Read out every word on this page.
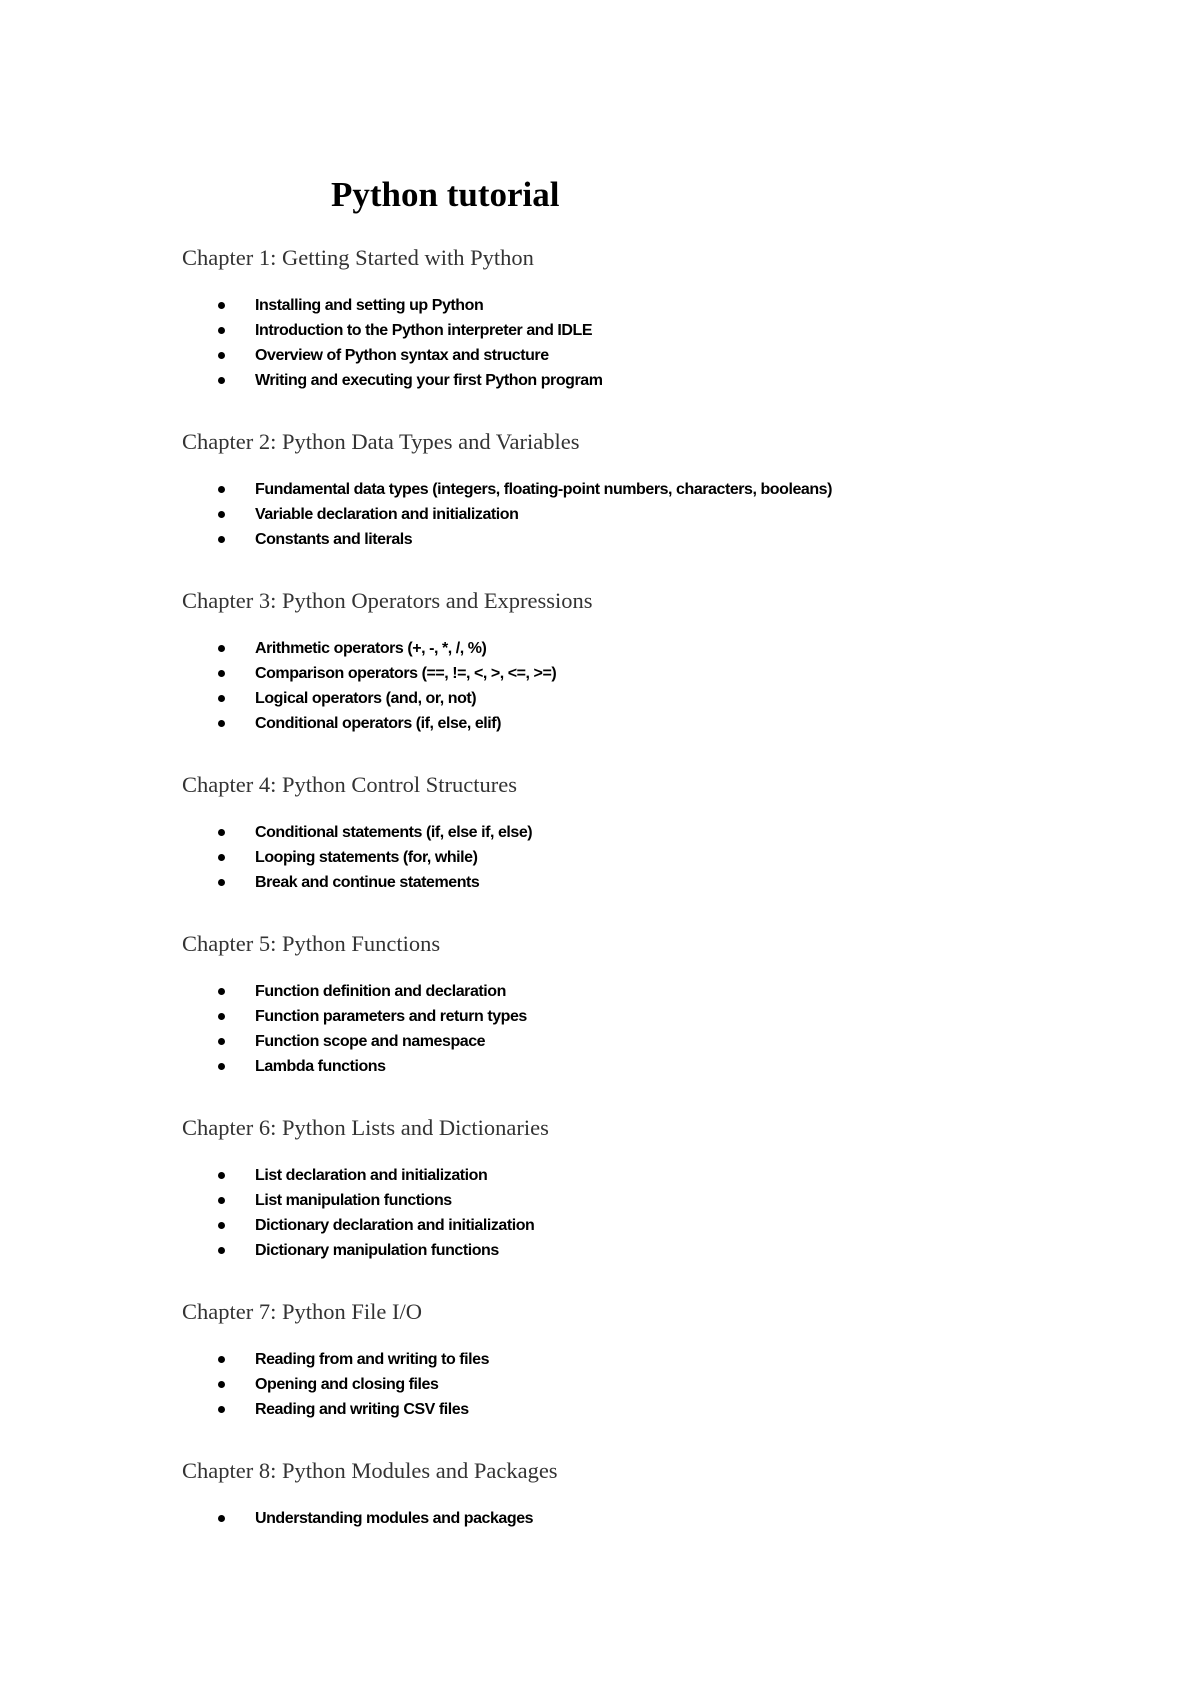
Python tutorial
Chapter 1: Getting Started with Python
Installing and setting up Python
Introduction to the Python interpreter and IDLE
Overview of Python syntax and structure
Writing and executing your first Python program
Chapter 2: Python Data Types and Variables
Fundamental data types (integers, floating-point numbers, characters, booleans)
Variable declaration and initialization
Constants and literals
Chapter 3: Python Operators and Expressions
Arithmetic operators (+, -, *, /, %)
Comparison operators (==, !=, <, >, <=, >=)
Logical operators (and, or, not)
Conditional operators (if, else, elif)
Chapter 4: Python Control Structures
Conditional statements (if, else if, else)
Looping statements (for, while)
Break and continue statements
Chapter 5: Python Functions
Function definition and declaration
Function parameters and return types
Function scope and namespace
Lambda functions
Chapter 6: Python Lists and Dictionaries
List declaration and initialization
List manipulation functions
Dictionary declaration and initialization
Dictionary manipulation functions
Chapter 7: Python File I/O
Reading from and writing to files
Opening and closing files
Reading and writing CSV files
Chapter 8: Python Modules and Packages
Understanding modules and packages
